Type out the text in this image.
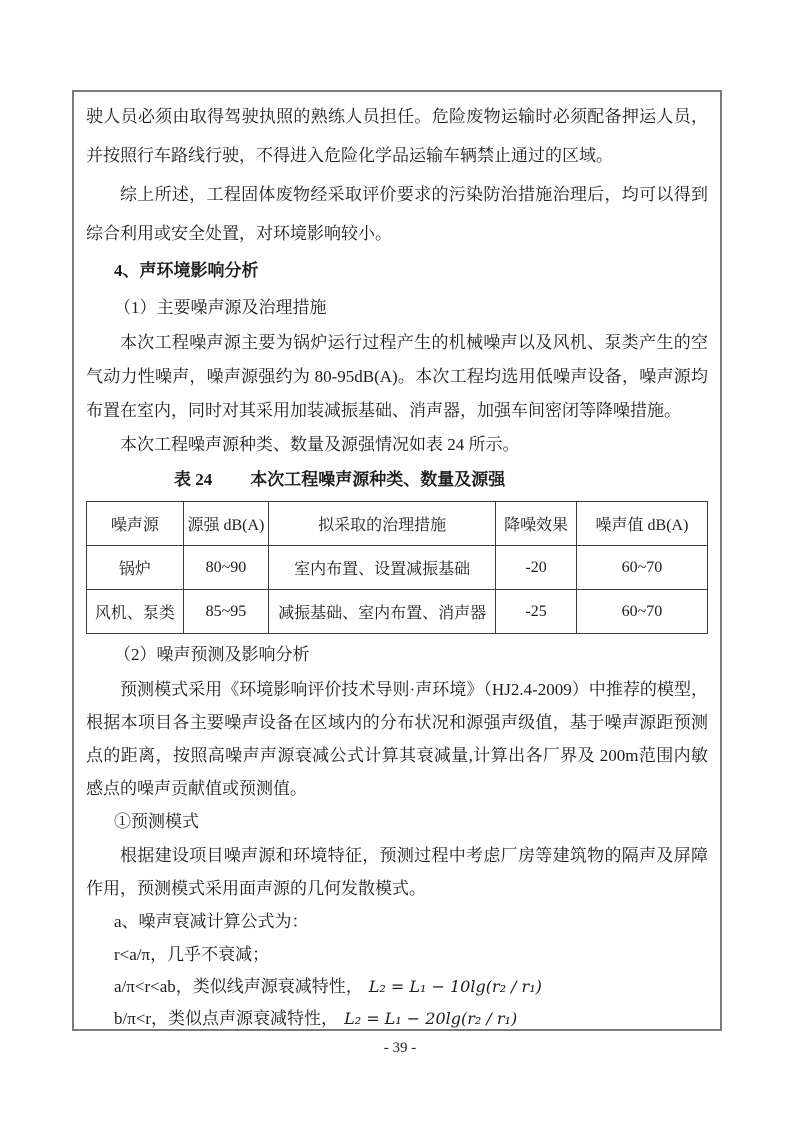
驶人员必须由取得驾驶执照的熟练人员担任。危险废物运输时必须配备押运人员，并按照行车路线行驶，不得进入危险化学品运输车辆禁止通过的区域。

综上所述，工程固体废物经采取评价要求的污染防治措施治理后，均可以得到综合利用或安全处置，对环境影响较小。

4、声环境影响分析

（1）主要噪声源及治理措施

本次工程噪声源主要为锅炉运行过程产生的机械噪声以及风机、泵类产生的空气动力性噪声，噪声源强约为 80-95dB(A)。本次工程均选用低噪声设备，噪声源均布置在室内，同时对其采用加装减振基础、消声器，加强车间密闭等降噪措施。

本次工程噪声源种类、数量及源强情况如表 24 所示。

表 24 本次工程噪声源种类、数量及源强
噪声源	源强 dB(A)	拟采取的治理措施	降噪效果	噪声值 dB(A)
锅炉	80~90	室内布置、设置减振基础	-20	60~70
风机、泵类	85~95	减振基础、室内布置、消声器	-25	60~70

（2）噪声预测及影响分析

预测模式采用《环境影响评价技术导则·声环境》（HJ2.4-2009）中推荐的模型，根据本项目各主要噪声设备在区域内的分布状况和源强声级值，基于噪声源距预测点的距离，按照高噪声声源衰减公式计算其衰减量,计算出各厂界及 200m范围内敏感点的噪声贡献值或预测值。

①预测模式

根据建设项目噪声源和环境特征，预测过程中考虑厂房等建筑物的隔声及屏障作用，预测模式采用面声源的几何发散模式。

a、噪声衰减计算公式为：

r<a/π，几乎不衰减；

a/π<r<ab，类似线声源衰减特性， L₂ = L₁ − 10lg(r₂ / r₁)

b/π<r，类似点声源衰减特性， L₂ = L₁ − 20lg(r₂ / r₁)

- 39 -
